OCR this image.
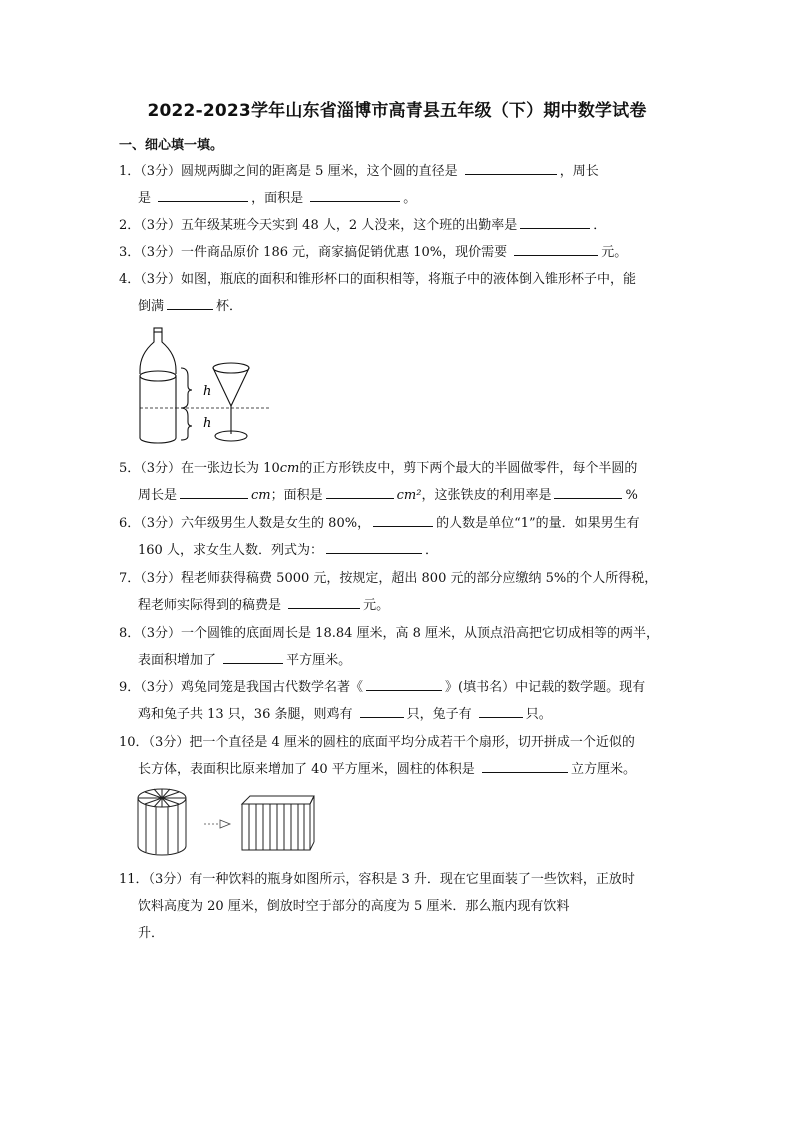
2022-2023学年山东省淄博市高青县五年级（下）期中数学试卷
一、细心填一填。
1．（3分）圆规两脚之间的距离是 5 厘米，这个圆的直径是	，周长
是	，面积是	。
2．（3分）五年级某班今天实到 48 人，2 人没来，这个班的出勤率是	．
3．（3分）一件商品原价 186 元，商家搞促销优惠 10%，现价需要	元。
4．（3分）如图，瓶底的面积和锥形杯口的面积相等，将瓶子中的液体倒入锥形杯子中，能
倒满	杯．
h
h
5．（3分）在一张边长为 10cm的正方形铁皮中，剪下两个最大的半圆做零件，每个半圆的
周长是	cm；面积是	cm²，这张铁皮的利用率是	%
6．（3分）六年级男生人数是女生的 80%，	的人数是单位“1”的量．如果男生有
160 人，求女生人数．列式为：	．
7．（3分）程老师获得稿费 5000 元，按规定，超出 800 元的部分应缴纳 5%的个人所得税，
程老师实际得到的稿费是	元。
8．（3分）一个圆锥的底面周长是 18.84 厘米，高 8 厘米，从顶点沿高把它切成相等的两半，
表面积增加了	平方厘米。
9．（3分）鸡兔同笼是我国古代数学名著《	》(填书名）中记载的数学题。现有
鸡和兔子共 13 只，36 条腿，则鸡有	只，兔子有	只。
10．（3分）把一个直径是 4 厘米的圆柱的底面平均分成若干个扇形，切开拼成一个近似的
长方体，表面积比原来增加了 40 平方厘米，圆柱的体积是	立方厘米。
11．（3分）有一种饮料的瓶身如图所示，容积是 3 升．现在它里面装了一些饮料，正放时
饮料高度为 20 厘米，倒放时空于部分的高度为 5 厘米．那么瓶内现有饮料
升．
